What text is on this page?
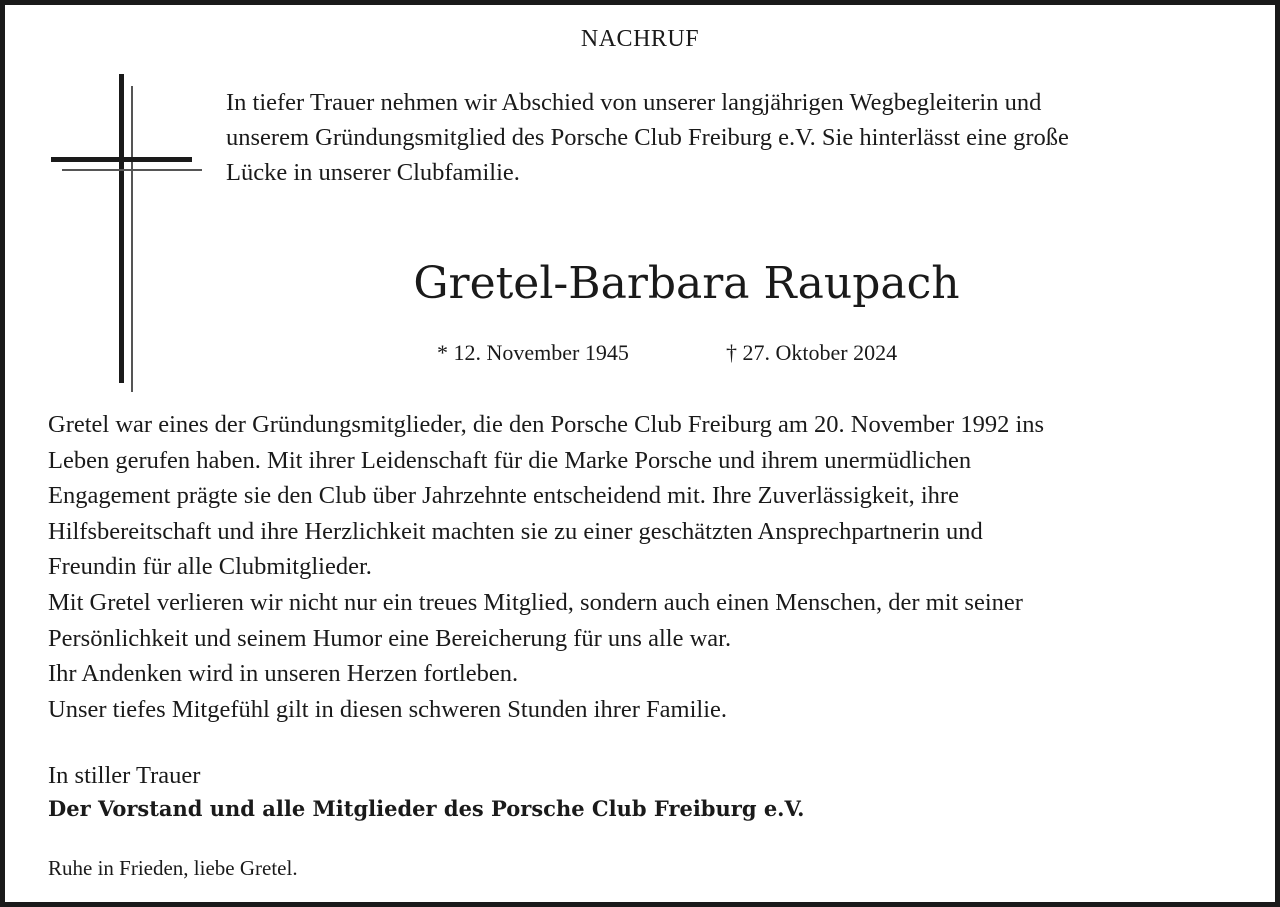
NACHRUF
In tiefer Trauer nehmen wir Abschied von unserer langjährigen Wegbegleiterin und
unserem Gründungsmitglied des Porsche Club Freiburg e.V. Sie hinterlässt eine große
Lücke in unserer Clubfamilie.
Gretel-Barbara Raupach
* 12. November 1945	† 27. Oktober 2024

Gretel war eines der Gründungsmitglieder, die den Porsche Club Freiburg am 20. November 1992 ins

Leben gerufen haben. Mit ihrer Leidenschaft für die Marke Porsche und ihrem unermüdlichen

Engagement prägte sie den Club über Jahrzehnte entscheidend mit. Ihre Zuverlässigkeit, ihre

Hilfsbereitschaft und ihre Herzlichkeit machten sie zu einer geschätzten Ansprechpartnerin und

Freundin für alle Clubmitglieder.

Mit Gretel verlieren wir nicht nur ein treues Mitglied, sondern auch einen Menschen, der mit seiner

Persönlichkeit und seinem Humor eine Bereicherung für uns alle war.

Ihr Andenken wird in unseren Herzen fortleben.

Unser tiefes Mitgefühl gilt in diesen schweren Stunden ihrer Familie.

In stiller Trauer
Der Vorstand und alle Mitglieder des Porsche Club Freiburg e.V.
Ruhe in Frieden, liebe Gretel.
